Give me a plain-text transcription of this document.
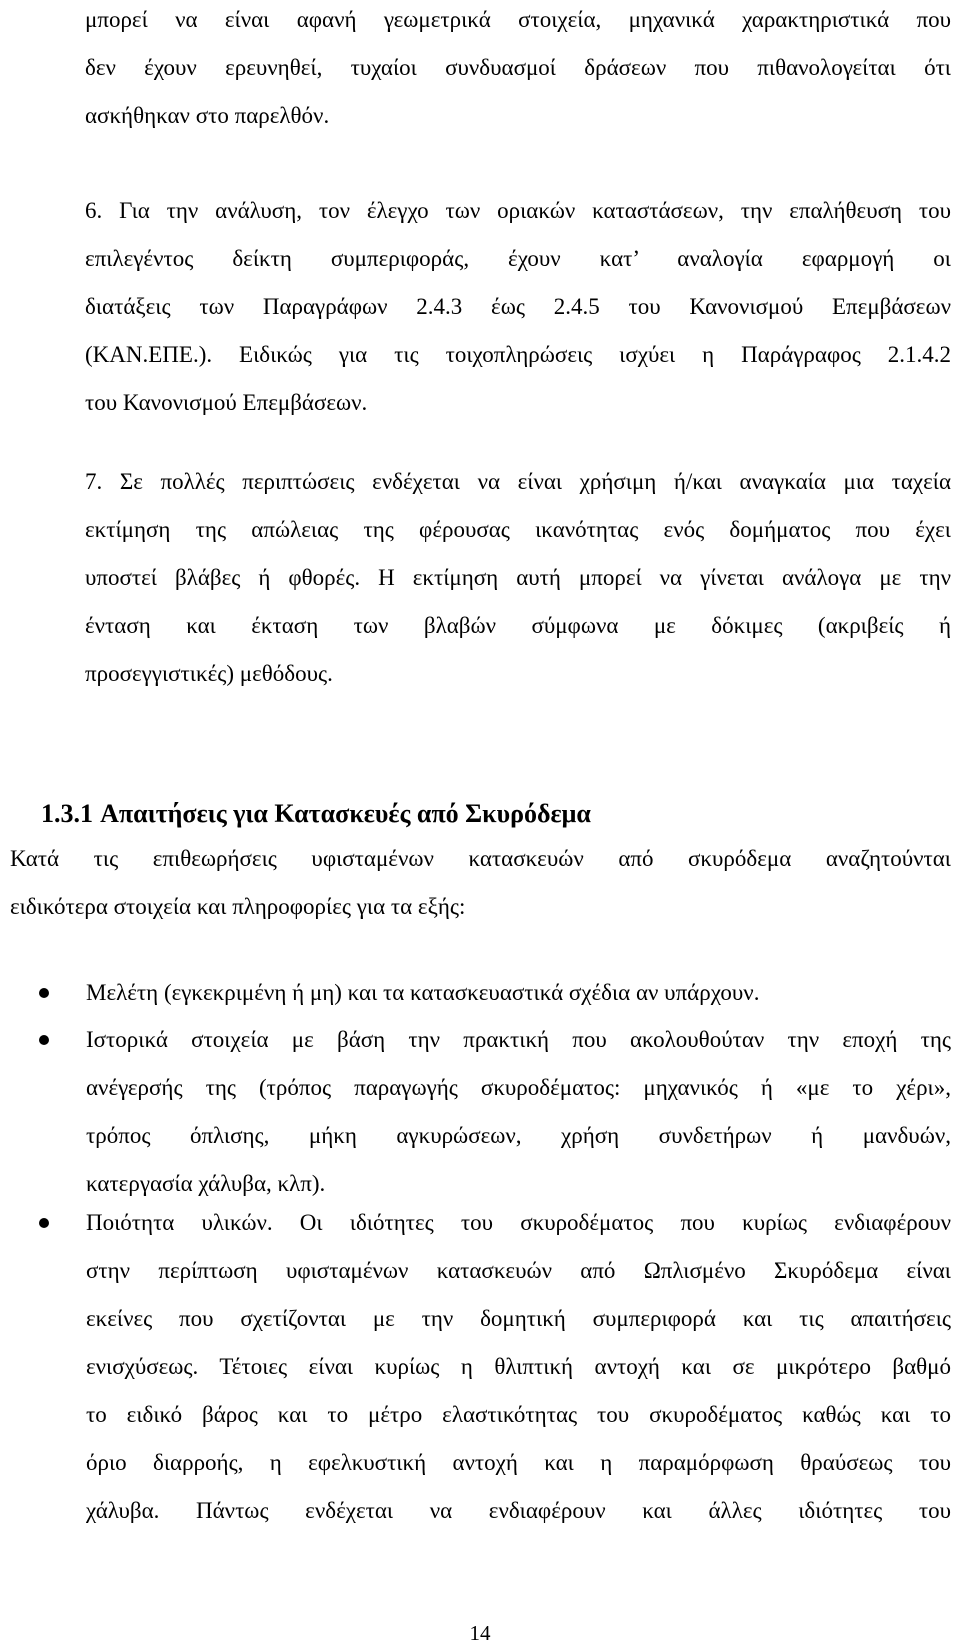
μπορεί να είναι αφανή γεωμετρικά στοιχεία, μηχανικά χαρακτηριστικά που
δεν έχουν ερευνηθεί, τυχαίοι συνδυασμοί δράσεων που πιθανολογείται ότι
ασκήθηκαν στο παρελθόν.

6. Για την ανάλυση, τον έλεγχο των οριακών καταστάσεων, την επαλήθευση του
επιλεγέντος δείκτη συμπεριφοράς, έχουν κατ’ αναλογία εφαρμογή οι
διατάξεις των Παραγράφων 2.4.3 έως 2.4.5 του Κανονισμού Επεμβάσεων
(ΚΑΝ.ΕΠΕ.). Ειδικώς για τις τοιχοπληρώσεις ισχύει η Παράγραφος 2.1.4.2
του Κανονισμού Επεμβάσεων.

7. Σε πολλές περιπτώσεις ενδέχεται να είναι χρήσιμη ή/και αναγκαία μια ταχεία
εκτίμηση της απώλειας της φέρουσας ικανότητας ενός δομήματος που έχει
υποστεί βλάβες ή φθορές. Η εκτίμηση αυτή μπορεί να γίνεται ανάλογα με την
ένταση και έκταση των βλαβών σύμφωνα με δόκιμες (ακριβείς ή
προσεγγιστικές) μεθόδους.

1.3.1 Απαιτήσεις για Κατασκευές από Σκυρόδεμα

Κατά τις επιθεωρήσεις υφισταμένων κατασκευών από σκυρόδεμα αναζητούνται
ειδικότερα στοιχεία και πληροφορίες για τα εξής:

Μελέτη (εγκεκριμένη ή μη) και τα κατασκευαστικά σχέδια αν υπάρχουν.
Ιστορικά στοιχεία με βάση την πρακτική που ακολουθούταν την εποχή της
ανέγερσής της (τρόπος παραγωγής σκυροδέματος: μηχανικός ή «με το χέρι»,
τρόπος όπλισης, μήκη αγκυρώσεων, χρήση συνδετήρων ή μανδυών,
κατεργασία χάλυβα, κλπ).
Ποιότητα υλικών. Οι ιδιότητες του σκυροδέματος που κυρίως ενδιαφέρουν
στην περίπτωση υφισταμένων κατασκευών από Ωπλισμένο Σκυρόδεμα είναι
εκείνες που σχετίζονται με την δομητική συμπεριφορά και τις απαιτήσεις
ενισχύσεως. Τέτοιες είναι κυρίως η θλιπτική αντοχή και σε μικρότερο βαθμό
το ειδικό βάρος και το μέτρο ελαστικότητας του σκυροδέματος καθώς και το
όριο διαρροής, η εφελκυστική αντοχή και η παραμόρφωση θραύσεως του
χάλυβα. Πάντως ενδέχεται να ενδιαφέρουν και άλλες ιδιότητες του
14
